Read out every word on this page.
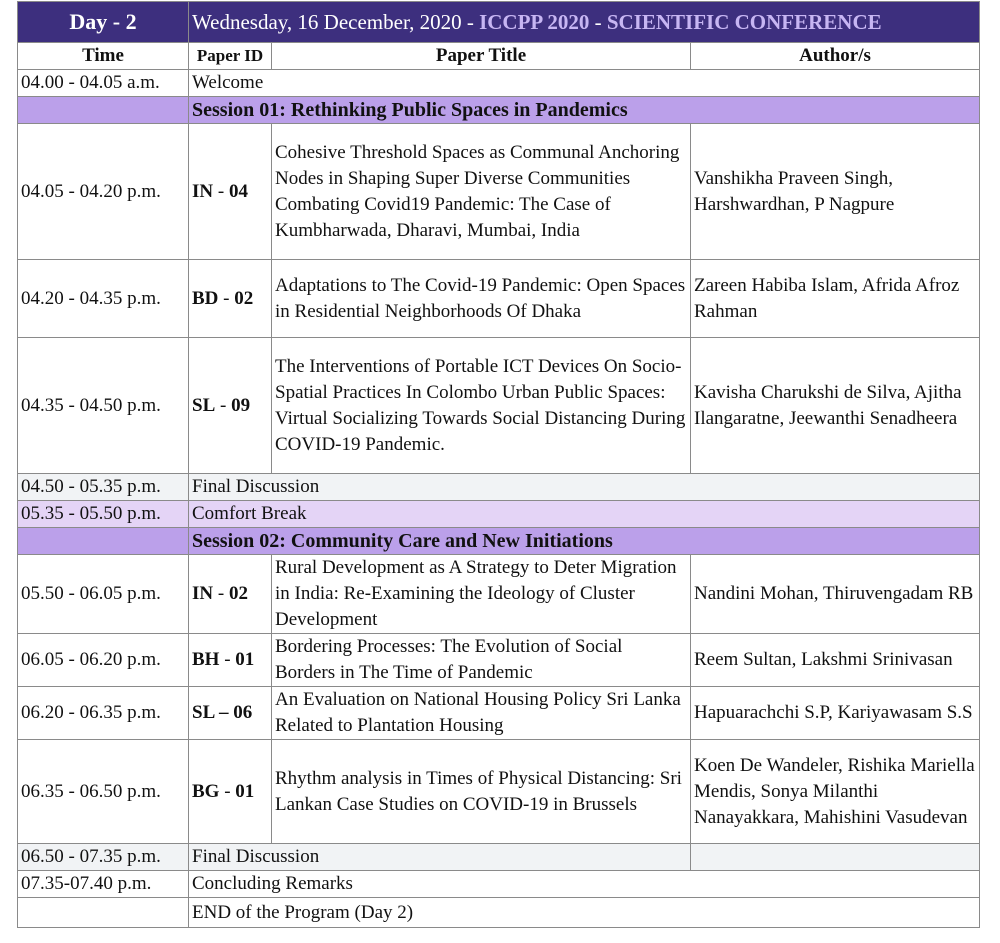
Day - 2	Wednesday, 16 December, 2020 - ICCPP 2020 - SCIENTIFIC CONFERENCE		
Time	Paper ID	Paper Title	Author/s
04.00 - 04.05 a.m.	Welcome		
	Session 01: Rethinking Public Spaces in Pandemics		
04.05 - 04.20 p.m.	IN - 04	Cohesive Threshold Spaces as Communal Anchoring Nodes in Shaping Super Diverse Communities Combating Covid19 Pandemic: The Case of Kumbharwada, Dharavi, Mumbai, India	Vanshikha Praveen Singh, Harshwardhan, P Nagpure
04.20 - 04.35 p.m.	BD - 02	Adaptations to The Covid-19 Pandemic: Open Spaces in Residential Neighborhoods Of Dhaka	Zareen Habiba Islam, Afrida Afroz Rahman
04.35 - 04.50 p.m.	SL - 09	The Interventions of Portable ICT Devices On Socio-Spatial Practices In Colombo Urban Public Spaces: Virtual Socializing Towards Social Distancing During COVID-19 Pandemic.	Kavisha Charukshi de Silva, Ajitha Ilangaratne, Jeewanthi Senadheera
04.50 - 05.35 p.m.	Final Discussion		
05.35 - 05.50 p.m.	Comfort Break		
	Session 02: Community Care and New Initiations		
05.50 - 06.05 p.m.	IN - 02	Rural Development as A Strategy to Deter Migration in India: Re-Examining the Ideology of Cluster Development	Nandini Mohan, Thiruvengadam RB
06.05 - 06.20 p.m.	BH - 01	Bordering Processes: The Evolution of Social Borders in The Time of Pandemic	Reem Sultan, Lakshmi Srinivasan
06.20 - 06.35 p.m.	SL – 06	An Evaluation on National Housing Policy Sri Lanka Related to Plantation Housing	Hapuarachchi S.P, Kariyawasam S.S
06.35 - 06.50 p.m.	BG - 01	Rhythm analysis in Times of Physical Distancing: Sri Lankan Case Studies on COVID-19 in Brussels	Koen De Wandeler, Rishika Mariella Mendis, Sonya Milanthi Nanayakkara, Mahishini Vasudevan
06.50 - 07.35 p.m.	Final Discussion		
07.35-07.40 p.m.	Concluding Remarks		
	END of the Program (Day 2)		
